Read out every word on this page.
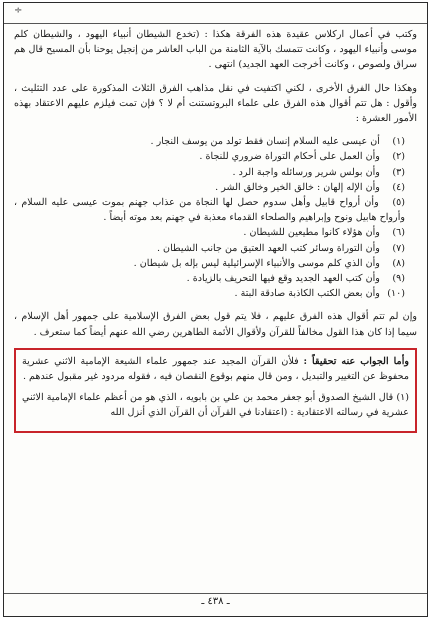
÷

وكتب في أعمال اركلاس عقيدة هذه الفرقة هكذا : (تخدع الشيطان أنبياء اليهود ، والشيطان كلم موسى وأنبياء اليهود ، وكانت تتمسك بالآية الثامنة من الباب العاشر من إنجيل يوحنا بأن المسيح قال هم سراق ولصوص ، وكانت أخرجت العهد الجديد) انتهى .

وهكذا حال الفرق الأخرى ، لكني اكتفيت في نقل مذاهب الفرق الثلاث المذكورة على عدد التثليث ، وأقول : هل تتم أقوال هذه الفرق على علماء البروتستنت أم لا ؟ فإن تمت فيلزم عليهم الاعتقاد بهذه الأمور العشرة :

(١) أن عيسى عليه السلام إنسان فقط تولد من يوسف النجار .
(٢) وأن العمل على أحكام التوراة ضروري للنجاة .
(٣) وأن بولس شرير ورسائله واجبة الرد .
(٤) وأن الإله إلهان : خالق الخير وخالق الشر .
(٥) وأن أرواح قابيل وأهل سدوم حصل لها النجاة من عذاب جهنم بموت عيسى عليه السلام ، وأرواح هابيل ونوح وإبراهيم والصلحاء القدماء معذبة في جهنم بعد موته أيضاً .
(٦) وأن هؤلاء كانوا مطيعين للشيطان .
(٧) وأن التوراة وسائر كتب العهد العتيق من جانب الشيطان .
(٨) وأن الذي كلم موسى والأنبياء الإسرائيلية ليس بإله بل شيطان .
(٩) وأن كتب العهد الجديد وقع فيها التحريف بالزيادة .
(١٠) وأن بعض الكتب الكاذبة صادقة البتة .

وإن لم تتم أقوال هذه الفرق عليهم ، فلا يتم قول بعض الفرق الإسلامية على جمهور أهل الإسلام ، سيما إذا كان هذا القول مخالفاً للقرآن ولأقوال الأئمة الطاهرين رضي الله عنهم أيضاً كما ستعرف .

وأما الجواب عنه تحقيقاً : فلأن القرآن المجيد عند جمهور علماء الشيعة الإمامية الاثني عشرية محفوظ عن التغيير والتبديل ، ومن قال منهم بوقوع النقصان فيه ، فقوله مردود غير مقبول عندهم .

(١) قال الشيخ الصدوق أبو جعفر محمد بن علي بن بابويه ، الذي هو من أعظم علماء الإمامية الاثني عشرية في رسالته الاعتقادية : (اعتقادنا في القرآن أن القرآن الذي أنزل الله

ـ ٤٣٨ ـ
